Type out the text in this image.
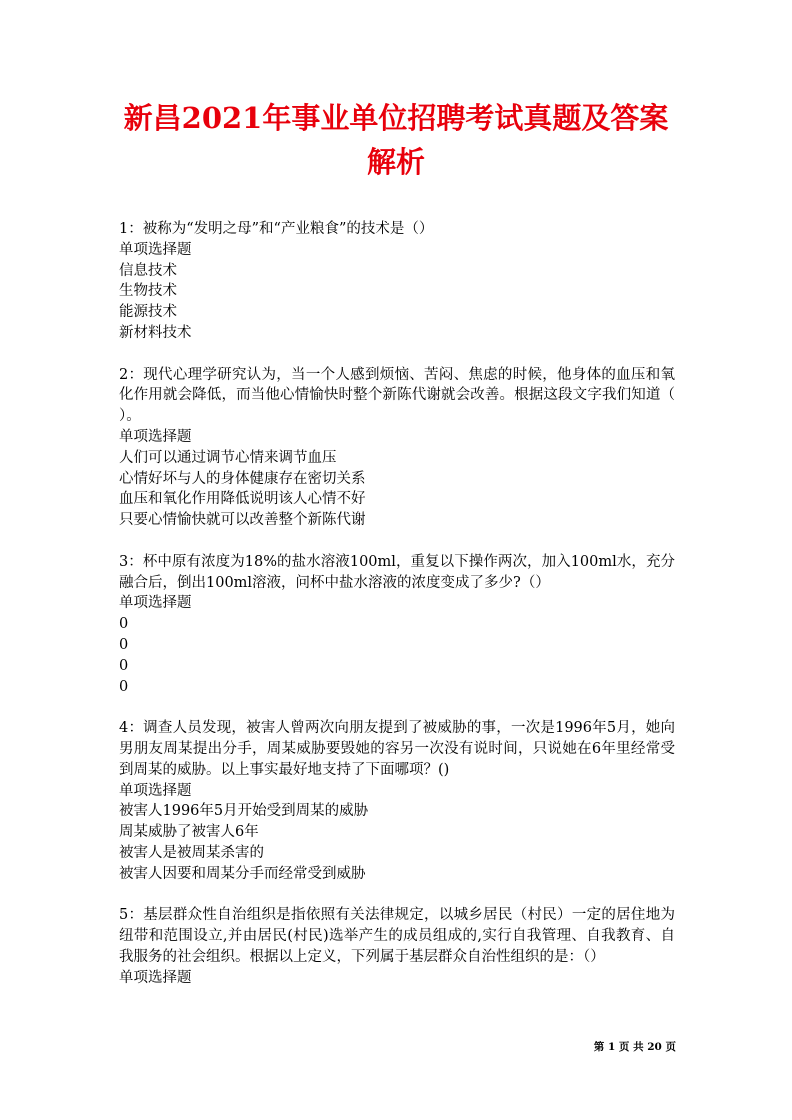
新昌2021年事业单位招聘考试真题及答案
解析

1：被称为“发明之母”和“产业粮食”的技术是（）

单项选择题

信息技术

生物技术

能源技术

新材料技术

2：现代心理学研究认为，当一个人感到烦恼、苦闷、焦虑的时候，他身体的血压和氧化作用就会降低，而当他心情愉快时整个新陈代谢就会改善。根据这段文字我们知道（ ）。

单项选择题

人们可以通过调节心情来调节血压

心情好坏与人的身体健康存在密切关系

血压和氧化作用降低说明该人心情不好

只要心情愉快就可以改善整个新陈代谢

3：杯中原有浓度为18%的盐水溶液100ml，重复以下操作两次，加入100ml水，充分融合后，倒出100ml溶液，问杯中盐水溶液的浓度变成了多少?（）

单项选择题

0

0

0

0

4：调查人员发现，被害人曾两次向朋友提到了被威胁的事，一次是1996年5月，她向男朋友周某提出分手，周某威胁要毁她的容另一次没有说时间，只说她在6年里经常受到周某的威胁。以上事实最好地支持了下面哪项？()

单项选择题

被害人1996年5月开始受到周某的威胁

周某威胁了被害人6年

被害人是被周某杀害的

被害人因要和周某分手而经常受到威胁

5：基层群众性自治组织是指依照有关法律规定，以城乡居民（村民）一定的居住地为纽带和范围设立,并由居民(村民)选举产生的成员组成的,实行自我管理、自我教育、自我服务的社会组织。根据以上定义，下列属于基层群众自治性组织的是：（）

单项选择题

第 1 页 共 20 页
